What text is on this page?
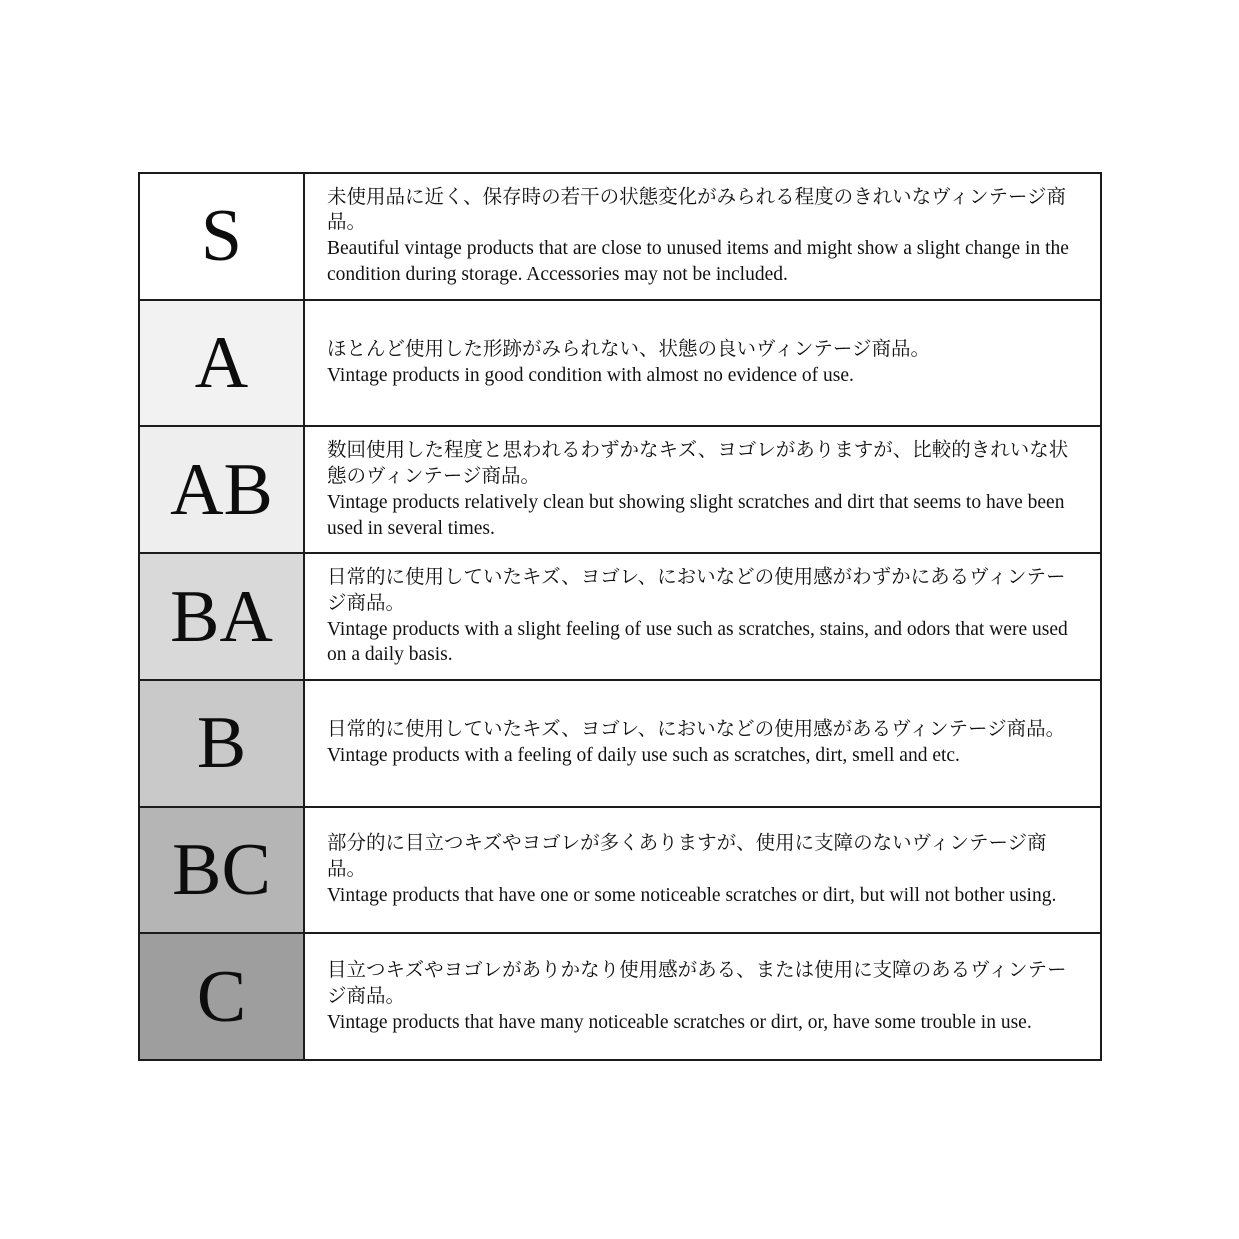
S	未使用品に近く、保存時の若干の状態変化がみられる程度のきれいなヴィンテージ商品。
Beautiful vintage products that are close to unused items and might show a slight change in the condition during storage. Accessories may not be included.
A	ほとんど使用した形跡がみられない、状態の良いヴィンテージ商品。
Vintage products in good condition with almost no evidence of use.
AB	数回使用した程度と思われるわずかなキズ、ヨゴレがありますが、比較的きれいな状態のヴィンテージ商品。
Vintage products relatively clean but showing slight scratches and dirt that seems to have been used in several times.
BA	日常的に使用していたキズ、ヨゴレ、においなどの使用感がわずかにあるヴィンテージ商品。
Vintage products with a slight feeling of use such as scratches, stains, and odors that were used on a daily basis.
B	日常的に使用していたキズ、ヨゴレ、においなどの使用感があるヴィンテージ商品。
Vintage products with a feeling of daily use such as scratches, dirt, smell and etc.
BC	部分的に目立つキズやヨゴレが多くありますが、使用に支障のないヴィンテージ商品。
Vintage products that have one or some noticeable scratches or dirt, but will not bother using.
C	目立つキズやヨゴレがありかなり使用感がある、または使用に支障のあるヴィンテージ商品。
Vintage products that have many noticeable scratches or dirt, or, have some trouble in use.
